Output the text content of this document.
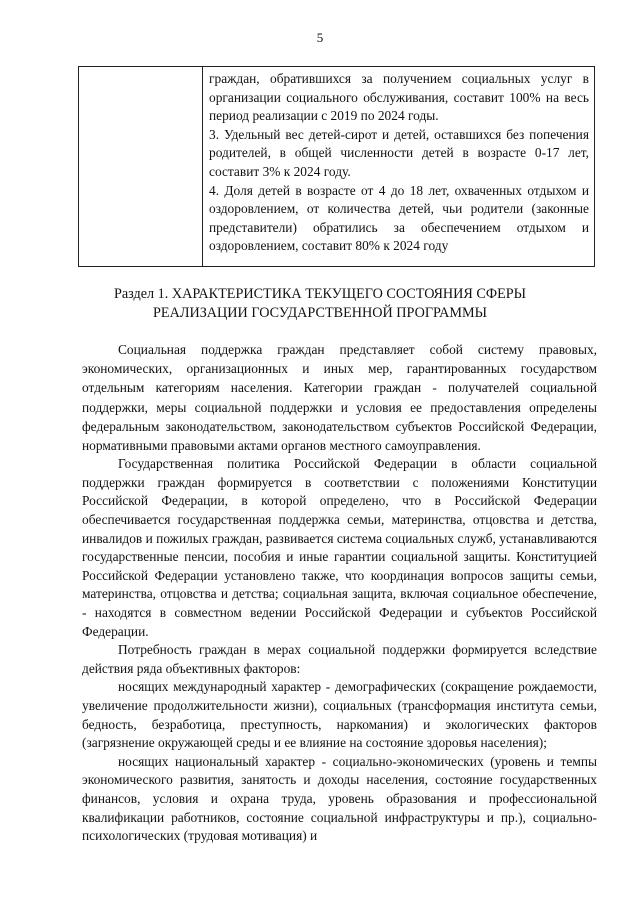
5

граждан, обратившихся за получением социальных услуг в организации социального обслуживания, составит 100% на весь период реализации с 2019 по 2024 годы.

3. Удельный вес детей-сирот и детей, оставшихся без попечения родителей, в общей численности детей в возрасте 0-17 лет, составит 3% к 2024 году.

4. Доля детей в возрасте от 4 до 18 лет, охваченных отдыхом и оздоровлением, от количества детей, чьи родители (законные представители) обратились за обеспечением отдыхом и оздоровлением, составит 80% к 2024 году

Раздел 1. ХАРАКТЕРИСТИКА ТЕКУЩЕГО СОСТОЯНИЯ СФЕРЫ
РЕАЛИЗАЦИИ ГОСУДАРСТВЕННОЙ ПРОГРАММЫ

Социальная поддержка граждан представляет собой систему правовых, экономических, организационных и иных мер, гарантированных государством отдельным категориям населения. Категории граждан - получателей социальной поддержки, меры социальной поддержки и условия ее предоставления определены федеральным законодательством, законодательством субъектов Российской Федерации, нормативными правовыми актами органов местного самоуправления.

Государственная политика Российской Федерации в области социальной поддержки граждан формируется в соответствии с положениями Конституции Российской Федерации, в которой определено, что в Российской Федерации обеспечивается государственная поддержка семьи, материнства, отцовства и детства, инвалидов и пожилых граждан, развивается система социальных служб, устанавливаются государственные пенсии, пособия и иные гарантии социальной защиты. Конституцией Российской Федерации установлено также, что координация вопросов защиты семьи, материнства, отцовства и детства; социальная защита, включая социальное обеспечение, - находятся в совместном ведении Российской Федерации и субъектов Российской Федерации.

Потребность граждан в мерах социальной поддержки формируется вследствие действия ряда объективных факторов:

носящих международный характер - демографических (сокращение рождаемости, увеличение продолжительности жизни), социальных (трансформация института семьи, бедность, безработица, преступность, наркомания) и экологических факторов (загрязнение окружающей среды и ее влияние на состояние здоровья населения);

носящих национальный характер - социально-экономических (уровень и темпы экономического развития, занятость и доходы населения, состояние государственных финансов, условия и охрана труда, уровень образования и профессиональной квалификации работников, состояние социальной инфраструктуры и пр.), социально-психологических (трудовая мотивация) и
